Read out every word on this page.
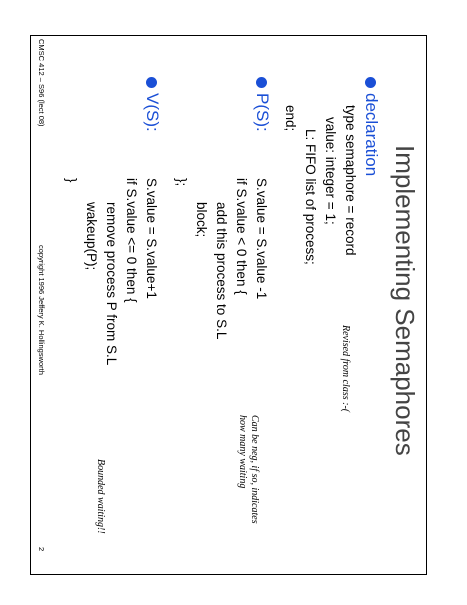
Implementing Semaphores
declaration
type semaphore = record
value: integer = 1;
L: FIFO list of process;
end;
P(S):
S.value = S.value -1
if S.value < 0 then {
add this process to S.L
block;
};
V(S):
S.value = S.value+1
if S.value <= 0 then {
remove process P from S.L
wakeup(P);
}
Revised from class :-(
Can be neg, if so, indicates
how many waiting
Bounded waiting!!
CMSC 412 – S96 (lect 08)
copyright 1996 Jeffery K. Hollingsworth
2
